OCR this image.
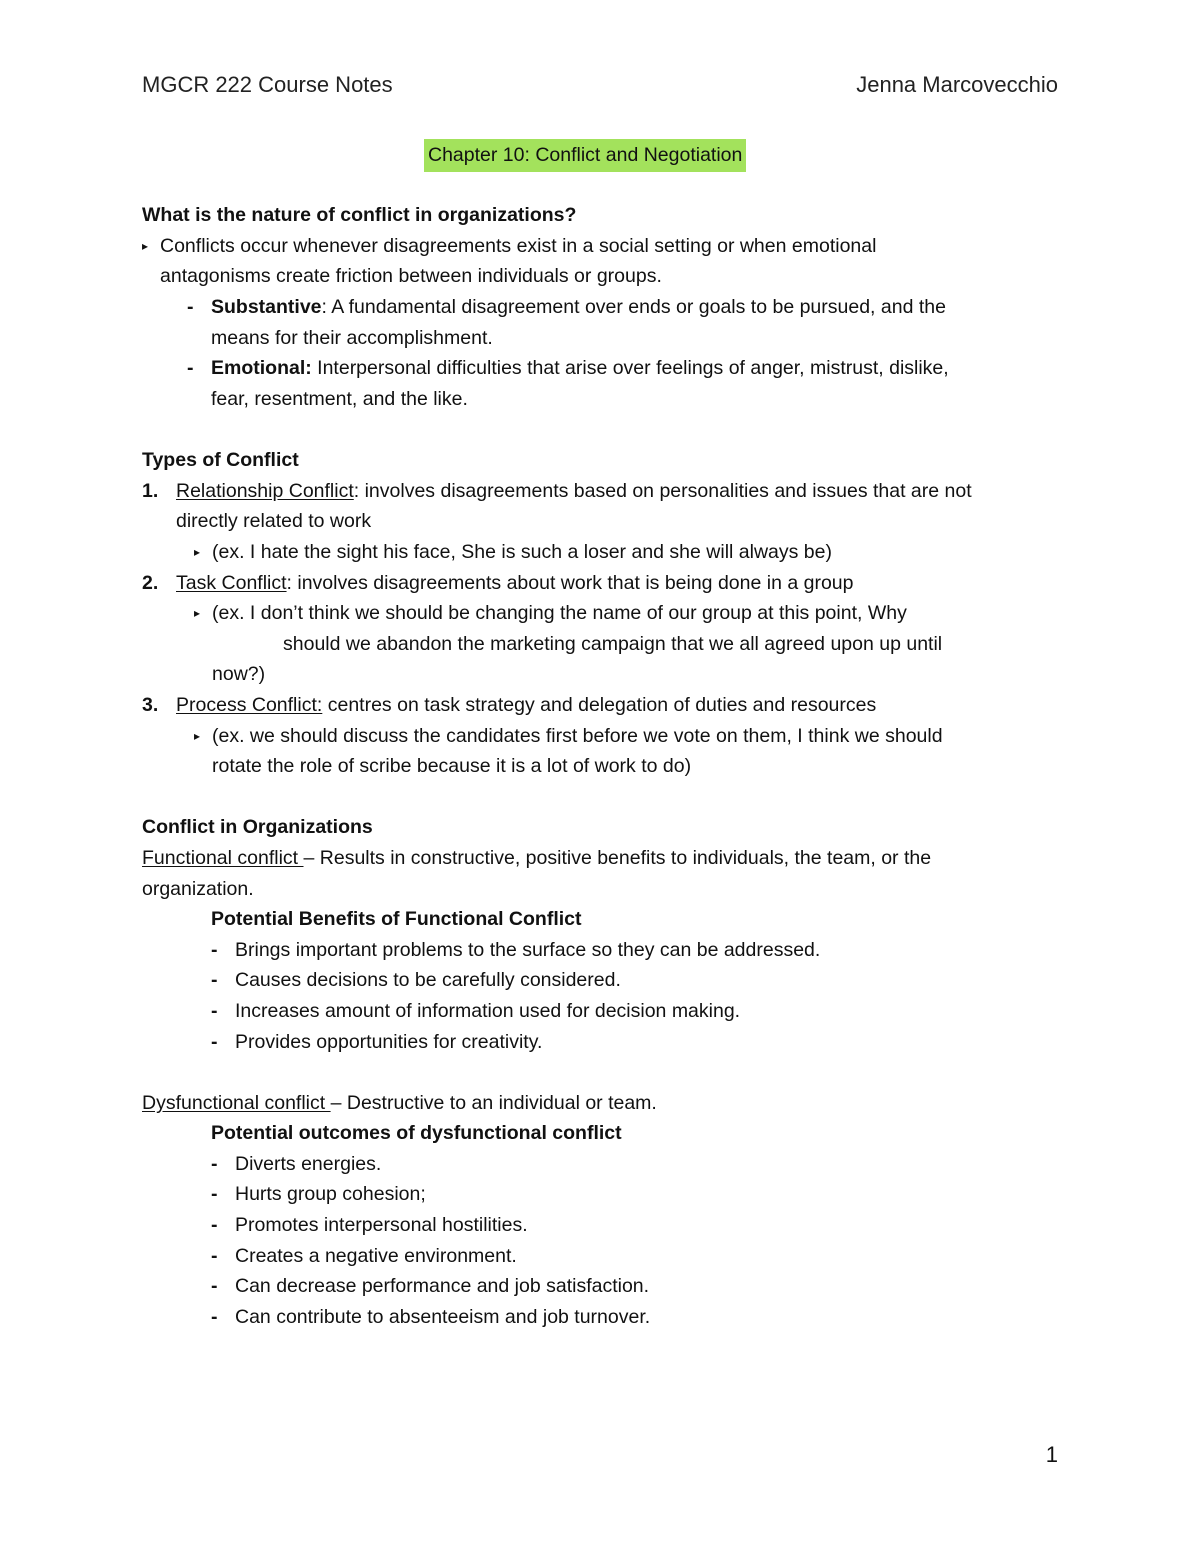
MGCR 222 Course Notes	Jenna Marcovecchio
Chapter 10: Conflict and Negotiation
What is the nature of conflict in organizations?
▸ Conflicts occur whenever disagreements exist in a social setting or when emotional
antagonisms create friction between individuals or groups.
- Substantive: A fundamental disagreement over ends or goals to be pursued, and the
means for their accomplishment.
- Emotional: Interpersonal difficulties that arise over feelings of anger, mistrust, dislike,
fear, resentment, and the like.
Types of Conflict
1. Relationship Conflict: involves disagreements based on personalities and issues that are not
directly related to work
▸ (ex. I hate the sight his face, She is such a loser and she will always be)
2. Task Conflict: involves disagreements about work that is being done in a group
▸ (ex. I don’t think we should be changing the name of our group at this point, Why
should we abandon the marketing campaign that we all agreed upon up until
now?)
3. Process Conflict: centres on task strategy and delegation of duties and resources
▸ (ex. we should discuss the candidates first before we vote on them, I think we should
rotate the role of scribe because it is a lot of work to do)
Conflict in Organizations
Functional conflict – Results in constructive, positive benefits to individuals, the team, or the
organization.
Potential Benefits of Functional Conflict
- Brings important problems to the surface so they can be addressed.
- Causes decisions to be carefully considered.
- Increases amount of information used for decision making.
- Provides opportunities for creativity.
Dysfunctional conflict – Destructive to an individual or team.
Potential outcomes of dysfunctional conflict
- Diverts energies.
- Hurts group cohesion;
- Promotes interpersonal hostilities.
- Creates a negative environment.
- Can decrease performance and job satisfaction.
- Can contribute to absenteeism and job turnover.
1
